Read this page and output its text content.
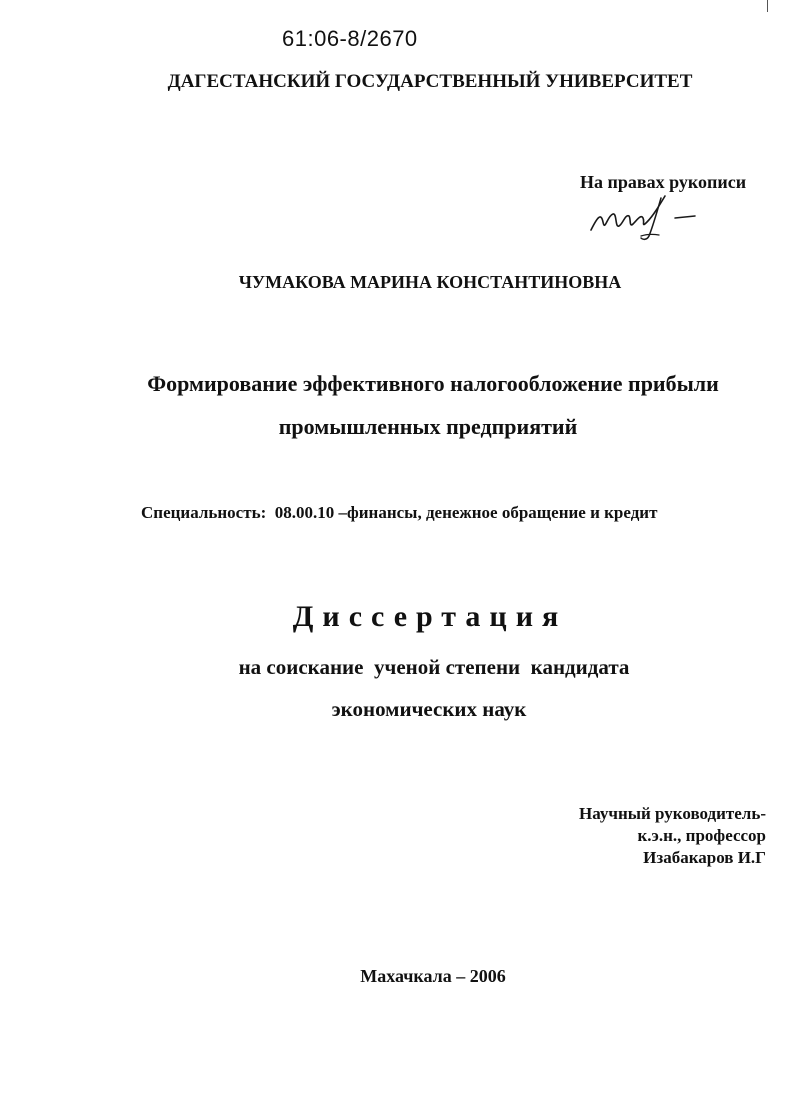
61:06-8/2670
ДАГЕСТАНСКИЙ ГОСУДАРСТВЕННЫЙ УНИВЕРСИТЕТ
На правах рукописи
ЧУМАКОВА МАРИНА КОНСТАНТИНОВНА
Формирование эффективного налогообложение прибыли
промышленных предприятий
Специальность:  08.00.10 –финансы, денежное обращение и кредит
Диссертация
на соискание  ученой степени  кандидата
экономических наук
Научный руководитель-
к.э.н., профессор
Изабакаров И.Г
Махачкала – 2006
